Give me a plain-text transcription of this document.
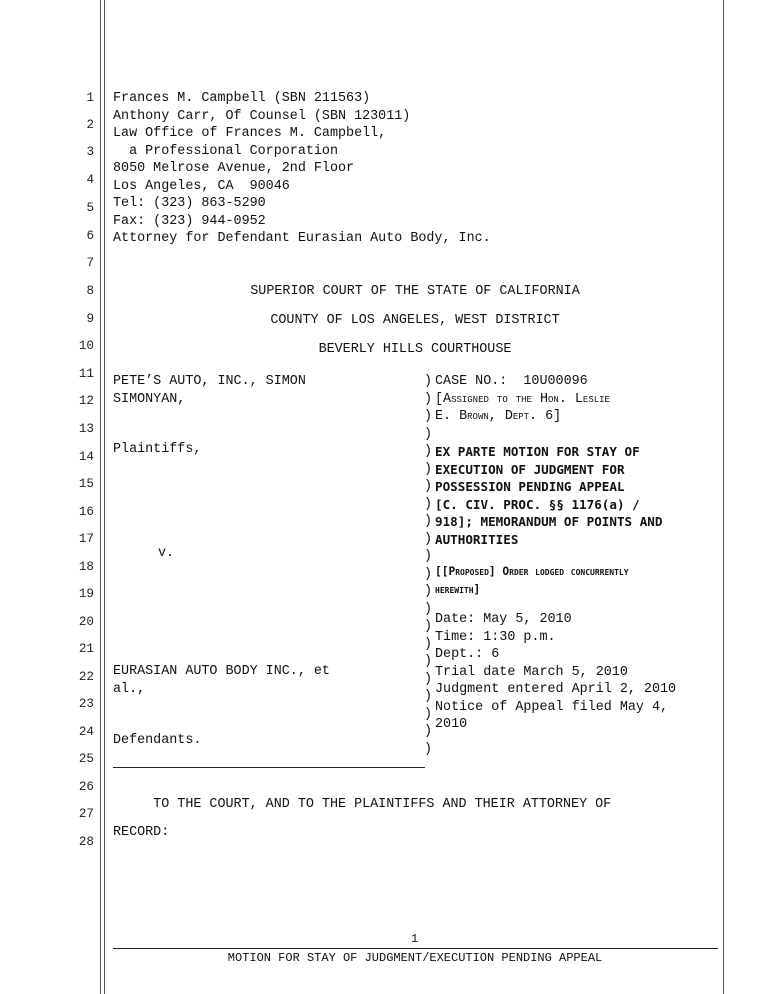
1
2
3
4
5
6
7
8
9
10
11
12
13
14
15
16
17
18
19
20
21
22
23
24
25
26
27
28
Frances M. Campbell (SBN 211563)
Anthony Carr, Of Counsel (SBN 123011)
Law Office of Frances M. Campbell,
a Professional Corporation
8050 Melrose Avenue, 2nd Floor
Los Angeles, CA  90046
Tel: (323) 863-5290
Fax: (323) 944-0952
Attorney for Defendant Eurasian Auto Body, Inc.
SUPERIOR COURT OF THE STATE OF CALIFORNIA
COUNTY OF LOS ANGELES, WEST DISTRICT
BEVERLY HILLS COURTHOUSE
PETE’S AUTO, INC., SIMON
SIMONYAN,
Plaintiffs,
v.
EURASIAN AUTO BODY INC., et
al.,
Defendants.
)
)
)
)
)
)
)
)
)
)
)
)
)
)
)
)
)
)
)
)
)
)
CASE NO.:  10U00096
[Assigned to the Hon. Leslie
E. Brown, Dept. 6]
EX PARTE MOTION FOR STAY OF
EXECUTION OF JUDGMENT FOR
POSSESSION PENDING APPEAL
[C. CIV. PROC. §§ 1176(a) /
918]; MEMORANDUM OF POINTS AND
AUTHORITIES
[[Proposed] Order lodged concurrently
herewith]
Date: May 5, 2010
Time: 1:30 p.m.
Dept.: 6
Trial date March 5, 2010
Judgment entered April 2, 2010
Notice of Appeal filed May 4,
2010
TO THE COURT, AND TO THE PLAINTIFFS AND THEIR ATTORNEY OF
RECORD:
1
MOTION FOR STAY OF JUDGMENT/EXECUTION PENDING APPEAL
